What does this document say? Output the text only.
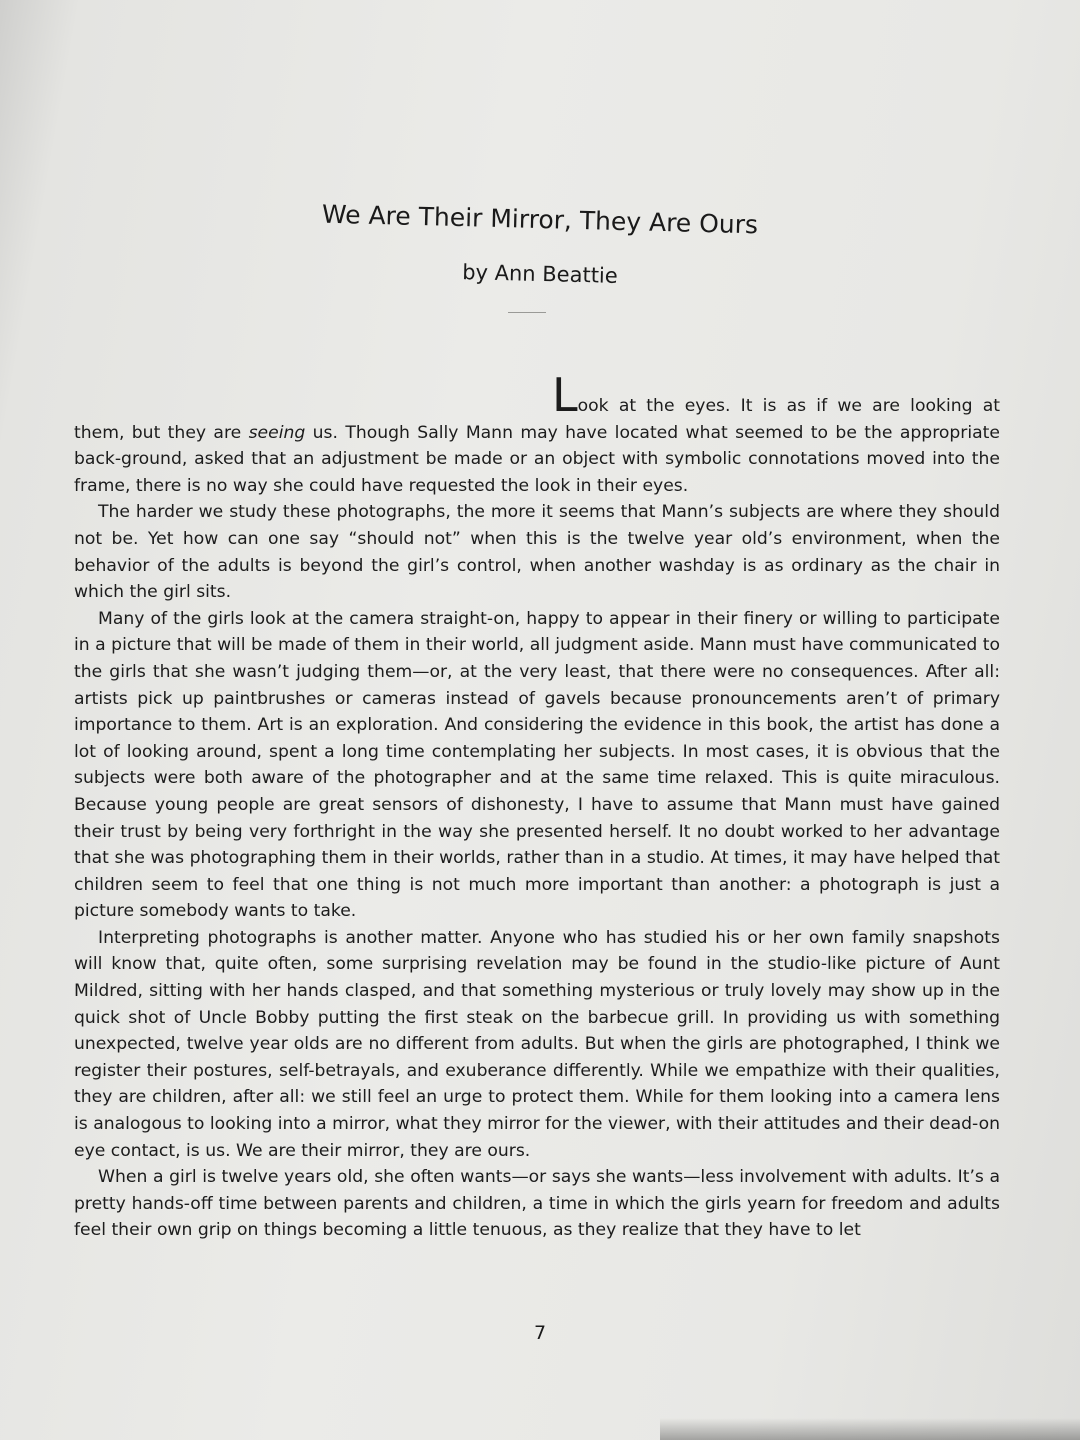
We Are Their Mirror, They Are Ours
by Ann Beattie

Look at the eyes. It is as if we are looking at them, but they are seeing us. Though Sally Mann may have located what seemed to be the appropriate back-ground, asked that an adjustment be made or an object with symbolic connotations moved into the frame, there is no way she could have requested the look in their eyes.

The harder we study these photographs, the more it seems that Mann’s subjects are where they should not be. Yet how can one say “should not” when this is the twelve year old’s environment, when the behavior of the adults is beyond the girl’s control, when another washday is as ordinary as the chair in which the girl sits.

Many of the girls look at the camera straight-on, happy to appear in their finery or willing to participate in a picture that will be made of them in their world, all judgment aside. Mann must have communicated to the girls that she wasn’t judging them—or, at the very least, that there were no consequences. After all: artists pick up paintbrushes or cameras instead of gavels because pronouncements aren’t of primary importance to them. Art is an exploration. And considering the evidence in this book, the artist has done a lot of looking around, spent a long time contemplating her subjects. In most cases, it is obvious that the subjects were both aware of the photographer and at the same time relaxed. This is quite miraculous. Because young people are great sensors of dishonesty, I have to assume that Mann must have gained their trust by being very forthright in the way she presented herself. It no doubt worked to her advantage that she was photographing them in their worlds, rather than in a studio. At times, it may have helped that children seem to feel that one thing is not much more important than another: a photograph is just a picture somebody wants to take.

Interpreting photographs is another matter. Anyone who has studied his or her own family snapshots will know that, quite often, some surprising revelation may be found in the studio-like picture of Aunt Mildred, sitting with her hands clasped, and that something mysterious or truly lovely may show up in the quick shot of Uncle Bobby putting the first steak on the barbecue grill. In providing us with something unexpected, twelve year olds are no different from adults. But when the girls are photographed, I think we register their postures, self-betrayals, and exuberance differently. While we empathize with their qualities, they are children, after all: we still feel an urge to protect them. While for them looking into a camera lens is analogous to looking into a mirror, what they mirror for the viewer, with their attitudes and their dead-on eye contact, is us. We are their mirror, they are ours.

When a girl is twelve years old, she often wants—or says she wants—less involvement with adults. It’s a pretty hands-off time between parents and children, a time in which the girls yearn for freedom and adults feel their own grip on things becoming a little tenuous, as they realize that they have to let

7
